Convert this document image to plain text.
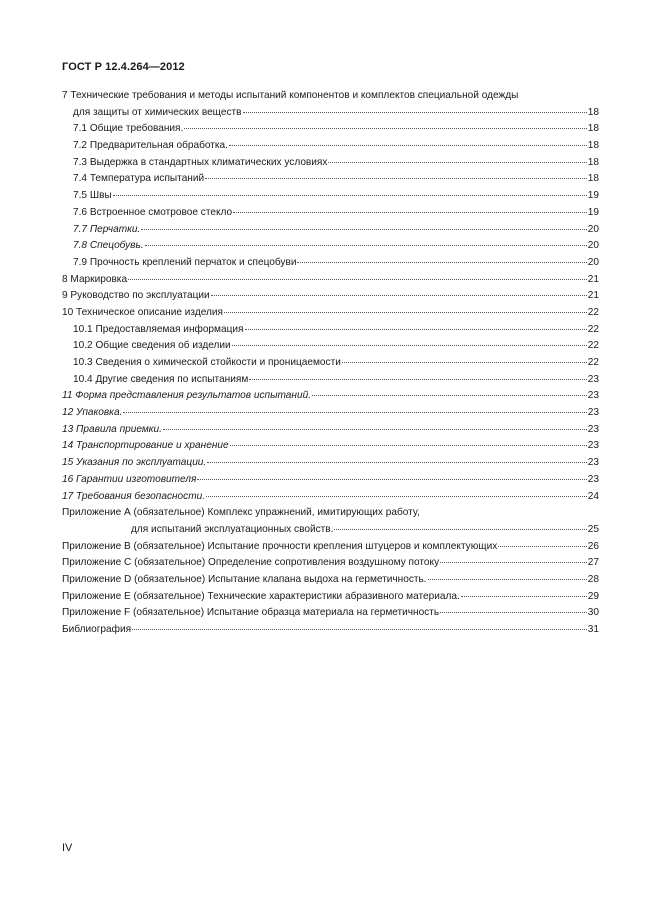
ГОСТ Р 12.4.264—2012
7 Технические требования и методы испытаний компонентов и комплектов специальной одежды
для защиты от химических веществ	18
7.1 Общие требования.	18
7.2 Предварительная обработка.	18
7.3 Выдержка в стандартных климатических условиях	18
7.4 Температура испытаний	18
7.5 Швы	19
7.6 Встроенное смотровое стекло	19
7.7 Перчатки.	20
7.8 Спецобувь.	20
7.9 Прочность креплений перчаток и спецобуви	20
8 Маркировка	21
9 Руководство по эксплуатации	21
10 Техническое описание изделия	22
10.1 Предоставляемая информация	22
10.2 Общие сведения об изделии	22
10.3 Сведения о химической стойкости и проницаемости	22
10.4 Другие сведения по испытаниям	23
11 Форма представления результатов испытаний.	23
12 Упаковка.	23
13 Правила приемки.	23
14 Транспортирование и хранение	23
15 Указания по эксплуатации.	23
16 Гарантии изготовителя	23
17 Требования безопасности.	24
Приложение А (обязательное) Комплекс упражнений, имитирующих работу,
для испытаний эксплуатационных свойств.	25
Приложение В (обязательное) Испытание прочности крепления штуцеров и комплектующих	26
Приложение С (обязательное) Определение сопротивления воздушному потоку	27
Приложение D (обязательное) Испытание клапана выдоха на герметичность.	28
Приложение Е (обязательное) Технические характеристики абразивного материала.	29
Приложение F (обязательное) Испытание образца материала на герметичность	30
Библиография	31
IV
